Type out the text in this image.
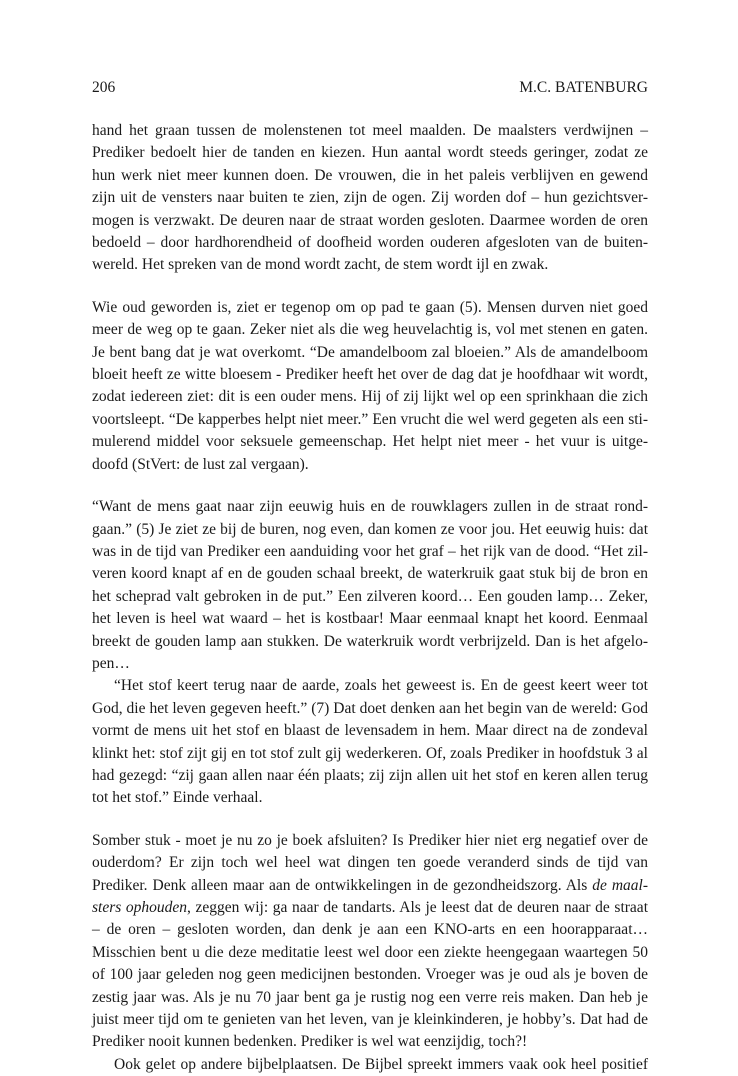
206	M.C. BATENBURG

hand het graan tussen de molenstenen tot meel maalden. De maalsters verdwijnen –
Prediker bedoelt hier de tanden en kiezen. Hun aantal wordt steeds geringer, zodat ze
hun werk niet meer kunnen doen. De vrouwen, die in het paleis verblijven en gewend
zijn uit de vensters naar buiten te zien, zijn de ogen. Zij worden dof – hun gezichtsver-
mogen is verzwakt. De deuren naar de straat worden gesloten. Daarmee worden de oren
bedoeld – door hardhorendheid of doofheid worden ouderen afgesloten van de buiten-
wereld. Het spreken van de mond wordt zacht, de stem wordt ijl en zwak.

Wie oud geworden is, ziet er tegenop om op pad te gaan (5). Mensen durven niet goed
meer de weg op te gaan. Zeker niet als die weg heuvelachtig is, vol met stenen en gaten.
Je bent bang dat je wat overkomt. “De amandelboom zal bloeien.” Als de amandelboom
bloeit heeft ze witte bloesem - Prediker heeft het over de dag dat je hoofdhaar wit wordt,
zodat iedereen ziet: dit is een ouder mens. Hij of zij lijkt wel op een sprinkhaan die zich
voortsleept. “De kapperbes helpt niet meer.” Een vrucht die wel werd gegeten als een sti-
mulerend middel voor seksuele gemeenschap. Het helpt niet meer - het vuur is uitge-
doofd (StVert: de lust zal vergaan).

“Want de mens gaat naar zijn eeuwig huis en de rouwklagers zullen in de straat rond-
gaan.” (5) Je ziet ze bij de buren, nog even, dan komen ze voor jou. Het eeuwig huis: dat
was in de tijd van Prediker een aanduiding voor het graf – het rijk van de dood. “Het zil-
veren koord knapt af en de gouden schaal breekt, de waterkruik gaat stuk bij de bron en
het scheprad valt gebroken in de put.” Een zilveren koord… Een gouden lamp… Zeker,
het leven is heel wat waard – het is kostbaar! Maar eenmaal knapt het koord. Eenmaal
breekt de gouden lamp aan stukken. De waterkruik wordt verbrijzeld. Dan is het afgelo-
pen…

“Het stof keert terug naar de aarde, zoals het geweest is. En de geest keert weer tot
God, die het leven gegeven heeft.” (7) Dat doet denken aan het begin van de wereld: God
vormt de mens uit het stof en blaast de levensadem in hem. Maar direct na de zondeval
klinkt het: stof zijt gij en tot stof zult gij wederkeren. Of, zoals Prediker in hoofdstuk 3 al
had gezegd: “zij gaan allen naar één plaats; zij zijn allen uit het stof en keren allen terug
tot het stof.” Einde verhaal.

Somber stuk - moet je nu zo je boek afsluiten? Is Prediker hier niet erg negatief over de
ouderdom? Er zijn toch wel heel wat dingen ten goede veranderd sinds de tijd van
Prediker. Denk alleen maar aan de ontwikkelingen in de gezondheidszorg. Als de maal-
sters ophouden, zeggen wij: ga naar de tandarts. Als je leest dat de deuren naar de straat
– de oren – gesloten worden, dan denk je aan een KNO-arts en een hoorapparaat…
Misschien bent u die deze meditatie leest wel door een ziekte heengegaan waartegen 50
of 100 jaar geleden nog geen medicijnen bestonden. Vroeger was je oud als je boven de
zestig jaar was. Als je nu 70 jaar bent ga je rustig nog een verre reis maken. Dan heb je
juist meer tijd om te genieten van het leven, van je kleinkinderen, je hobby’s. Dat had de
Prediker nooit kunnen bedenken. Prediker is wel wat eenzijdig, toch?!

Ook gelet op andere bijbelplaatsen. De Bijbel spreekt immers vaak ook heel positief
